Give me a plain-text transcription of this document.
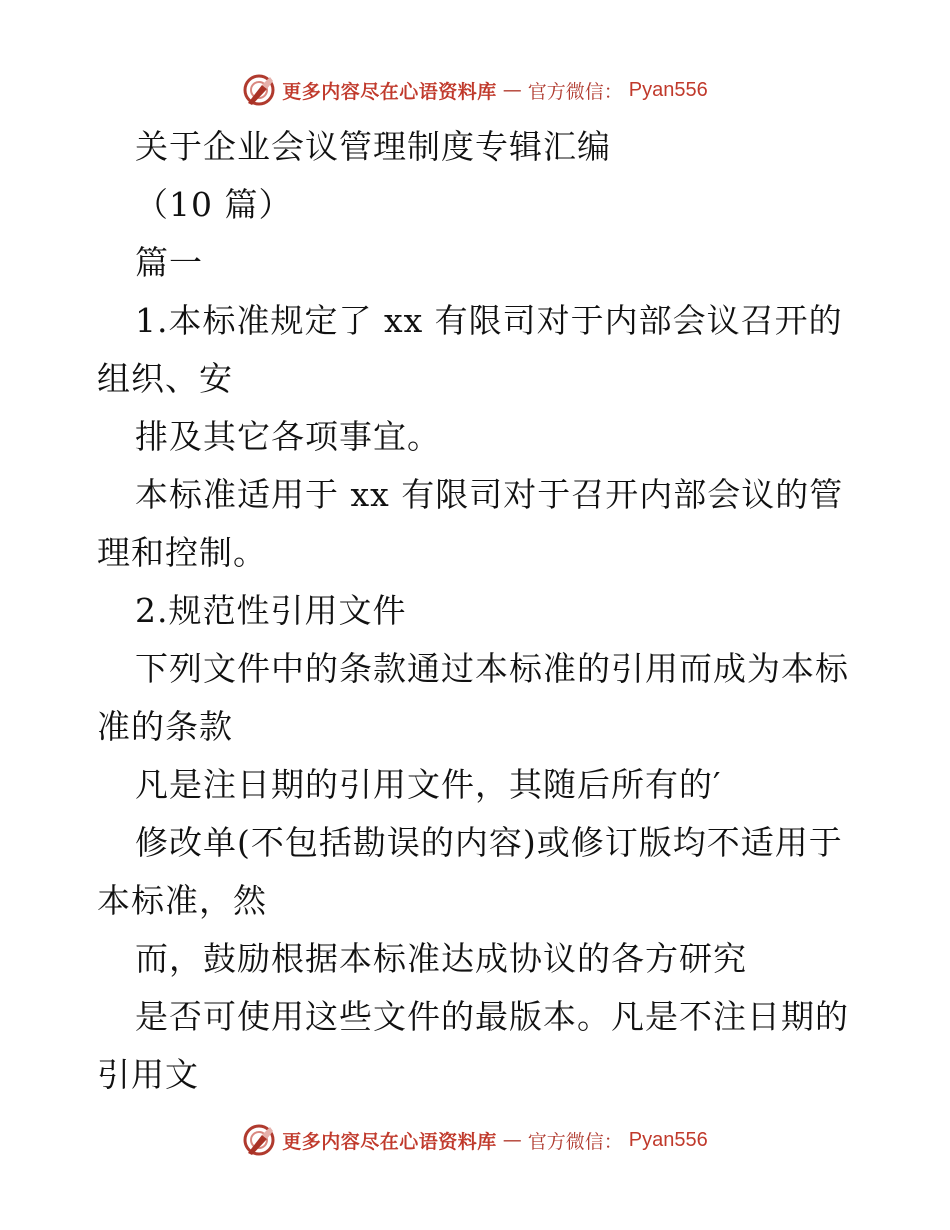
更多内容尽在心语资料库 — 官方微信： Pyan556
关于企业会议管理制度专辑汇编
（10 篇）
篇一
1.本标准规定了 xx 有限司对于内部会议召开的
组织、安
排及其它各项事宜。
本标准适用于 xx 有限司对于召开内部会议的管
理和控制。
2.规范性引用文件
下列文件中的条款通过本标准的引用而成为本标
准的条款
凡是注日期的引用文件，其随后所有的′
修改单(不包括勘误的内容)或修订版均不适用于
本标准，然
而，鼓励根据本标准达成协议的各方研究
是否可使用这些文件的最版本。凡是不注日期的
引用文
更多内容尽在心语资料库 — 官方微信： Pyan556
